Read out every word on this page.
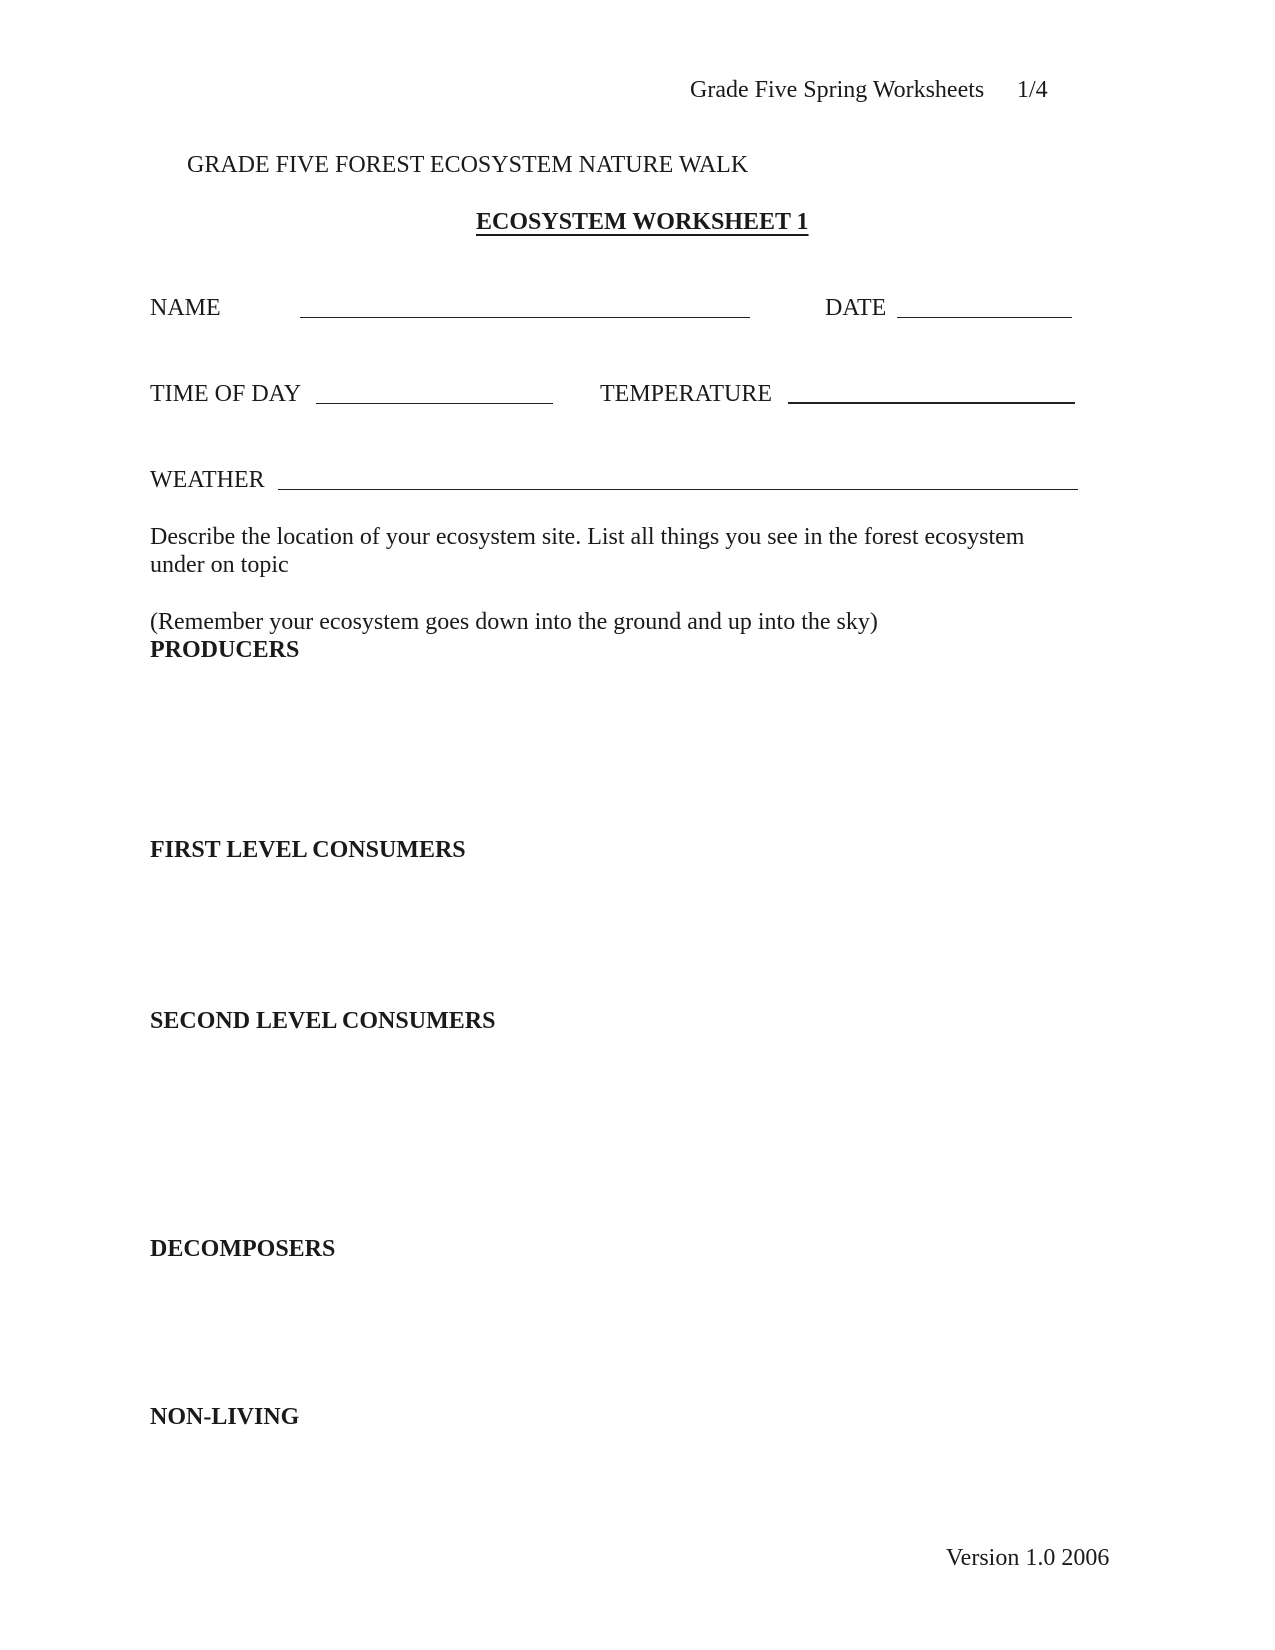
Grade Five Spring Worksheets 1/4
GRADE FIVE FOREST ECOSYSTEM NATURE WALK
ECOSYSTEM WORKSHEET 1
NAME	DATE
TIME OF DAY	TEMPERATURE
WEATHER
Describe the location of your ecosystem site. List all things you see in the forest ecosystem
under on topic
(Remember your ecosystem goes down into the ground and up into the sky)
PRODUCERS
FIRST LEVEL CONSUMERS
SECOND LEVEL CONSUMERS
DECOMPOSERS
NON-LIVING
Version 1.0 2006
